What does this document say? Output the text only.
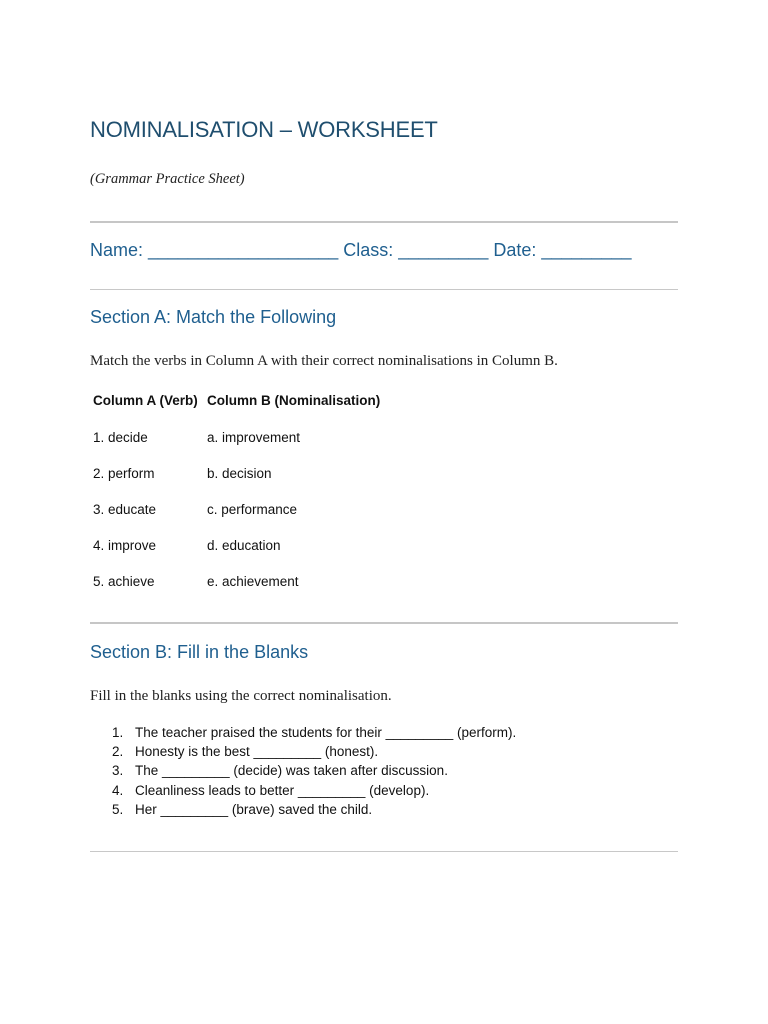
NOMINALISATION – WORKSHEET
(Grammar Practice Sheet)
Name: ___________________ Class: _________ Date: _________
Section A: Match the Following
Match the verbs in Column A with their correct nominalisations in Column B.
Column A (Verb) Column B (Nominalisation)
1. decide	a. improvement
2. perform	b. decision
3. educate	c. performance
4. improve	d. education
5. achieve	e. achievement
Section B: Fill in the Blanks
Fill in the blanks using the correct nominalisation.
1. The teacher praised the students for their _________ (perform).
2. Honesty is the best _________ (honest).
3. The _________ (decide) was taken after discussion.
4. Cleanliness leads to better _________ (develop).
5. Her _________ (brave) saved the child.
